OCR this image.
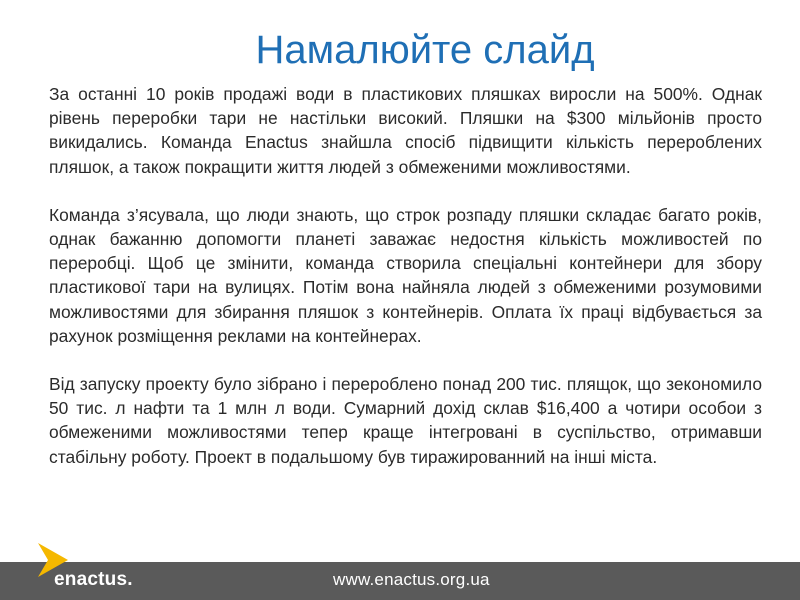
Намалюйте слайд

За останні 10 років продажі води в пластикових пляшках виросли на 500%. Однак рівень переробки тари не настільки високий. Пляшки на $300 мільйонів просто викидались. Команда Enactus знайшла спосіб підвищити кількість перероблених пляшок, а також покращити життя людей з обмеженими можливостями.

Команда з’ясувала, що люди знають, що строк розпаду пляшки складає багато років, однак бажанню допомогти планеті заважає недостня кількість можливостей по переробці. Щоб це змінити, команда створила спеціальні контейнери для збору пластикової тари на вулицях. Потім вона найняла людей з обмеженими розумовими можливостями для збирання пляшок з контейнерів. Оплата їх праці відбувається за рахунок розміщення реклами на контейнерах.

Від запуску проекту було зібрано і перероблено понад 200 тис. плящок, що зекономило 50 тис. л нафти та 1 млн л води. Сумарний дохід склав $16,400 а чотири особои з обмеженими можливостями тепер краще інтегровані в суспільство, отримавши стабільну роботу. Проект в подальшому був тиражированний на інші міста.

www.enactus.org.ua
enactus.
